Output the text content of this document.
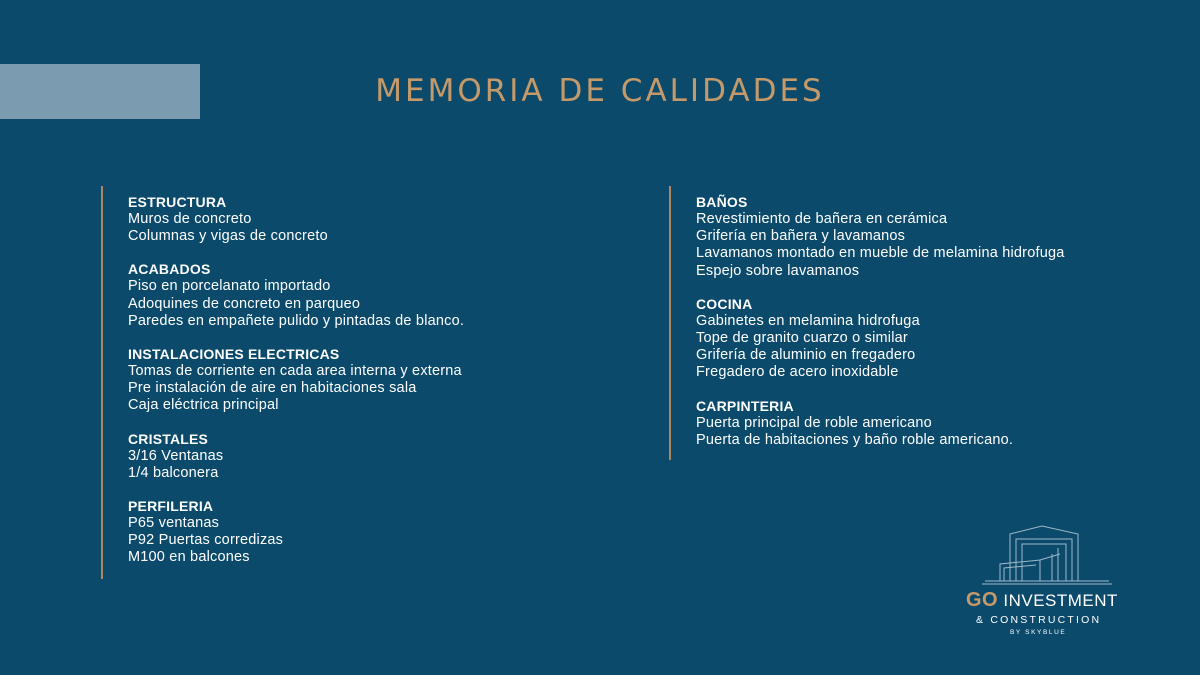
MEMORIA DE CALIDADES
ESTRUCTURA
Muros de concreto
Columnas y vigas de concreto
ACABADOS
Piso en porcelanato importado
Adoquines de concreto en parqueo
Paredes en empañete pulido y pintadas de blanco.
INSTALACIONES ELECTRICAS
Tomas de corriente en cada area interna y externa
Pre instalación de aire en habitaciones sala
Caja eléctrica principal
CRISTALES
3/16 Ventanas
1/4 balconera
PERFILERIA
P65 ventanas
P92 Puertas corredizas
M100 en balcones
BAÑOS
Revestimiento de bañera en cerámica
Grifería en bañera y lavamanos
Lavamanos montado en mueble de melamina hidrofuga
Espejo sobre lavamanos
COCINA
Gabinetes en melamina hidrofuga
Tope de granito cuarzo o similar
Grifería de aluminio en fregadero
Fregadero de acero inoxidable
CARPINTERIA
Puerta principal de roble americano
Puerta de habitaciones y baño roble americano.
GO INVESTMENT
& CONSTRUCTION
BY SKYBLUE
